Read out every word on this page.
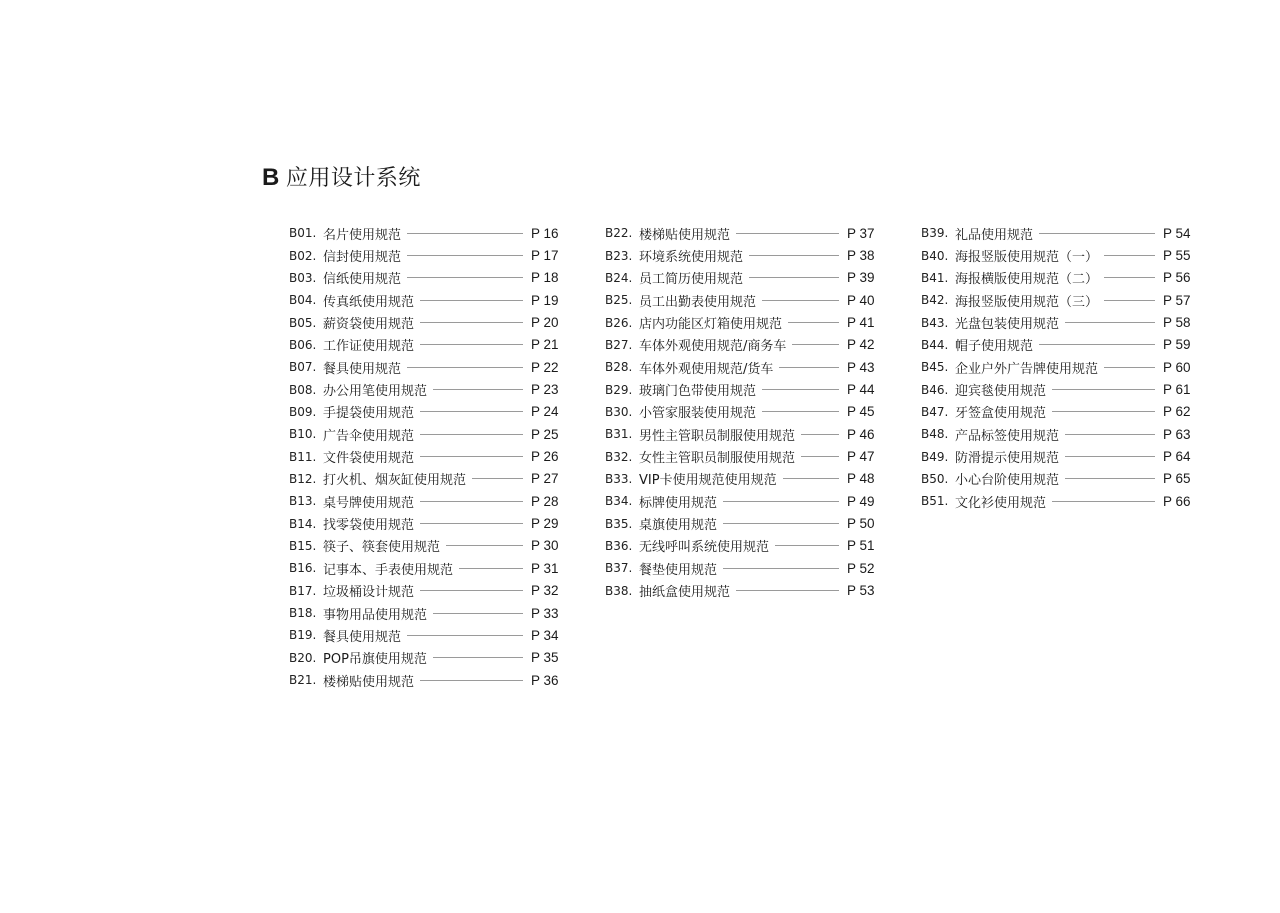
B 应用设计系统
B01. 名片使用规范	P 16
B02. 信封使用规范	P 17
B03. 信纸使用规范	P 18
B04. 传真纸使用规范	P 19
B05. 薪资袋使用规范	P 20
B06. 工作证使用规范	P 21
B07. 餐具使用规范	P 22
B08. 办公用笔使用规范	P 23
B09. 手提袋使用规范	P 24
B10. 广告伞使用规范	P 25
B11. 文件袋使用规范	P 26
B12. 打火机、烟灰缸使用规范	P 27
B13. 桌号牌使用规范	P 28
B14. 找零袋使用规范	P 29
B15. 筷子、筷套使用规范	P 30
B16. 记事本、手表使用规范	P 31
B17. 垃圾桶设计规范	P 32
B18. 事物用品使用规范	P 33
B19. 餐具使用规范	P 34
B20. POP吊旗使用规范	P 35
B21. 楼梯贴使用规范	P 36
B22. 楼梯贴使用规范	P 37
B23. 环境系统使用规范	P 38
B24. 员工简历使用规范	P 39
B25. 员工出勤表使用规范	P 40
B26. 店内功能区灯箱使用规范	P 41
B27. 车体外观使用规范/商务车	P 42
B28. 车体外观使用规范/货车	P 43
B29. 玻璃门色带使用规范	P 44
B30. 小管家服装使用规范	P 45
B31. 男性主管职员制服使用规范	P 46
B32. 女性主管职员制服使用规范	P 47
B33. VIP卡使用规范使用规范	P 48
B34. 标牌使用规范	P 49
B35. 桌旗使用规范	P 50
B36. 无线呼叫系统使用规范	P 51
B37. 餐垫使用规范	P 52
B38. 抽纸盒使用规范	P 53
B39. 礼品使用规范	P 54
B40. 海报竖版使用规范（一）	P 55
B41. 海报横版使用规范（二）	P 56
B42. 海报竖版使用规范（三）	P 57
B43. 光盘包装使用规范	P 58
B44. 帽子使用规范	P 59
B45. 企业户外广告牌使用规范	P 60
B46. 迎宾毯使用规范	P 61
B47. 牙签盒使用规范	P 62
B48. 产品标签使用规范	P 63
B49. 防滑提示使用规范	P 64
B50. 小心台阶使用规范	P 65
B51. 文化衫使用规范	P 66
